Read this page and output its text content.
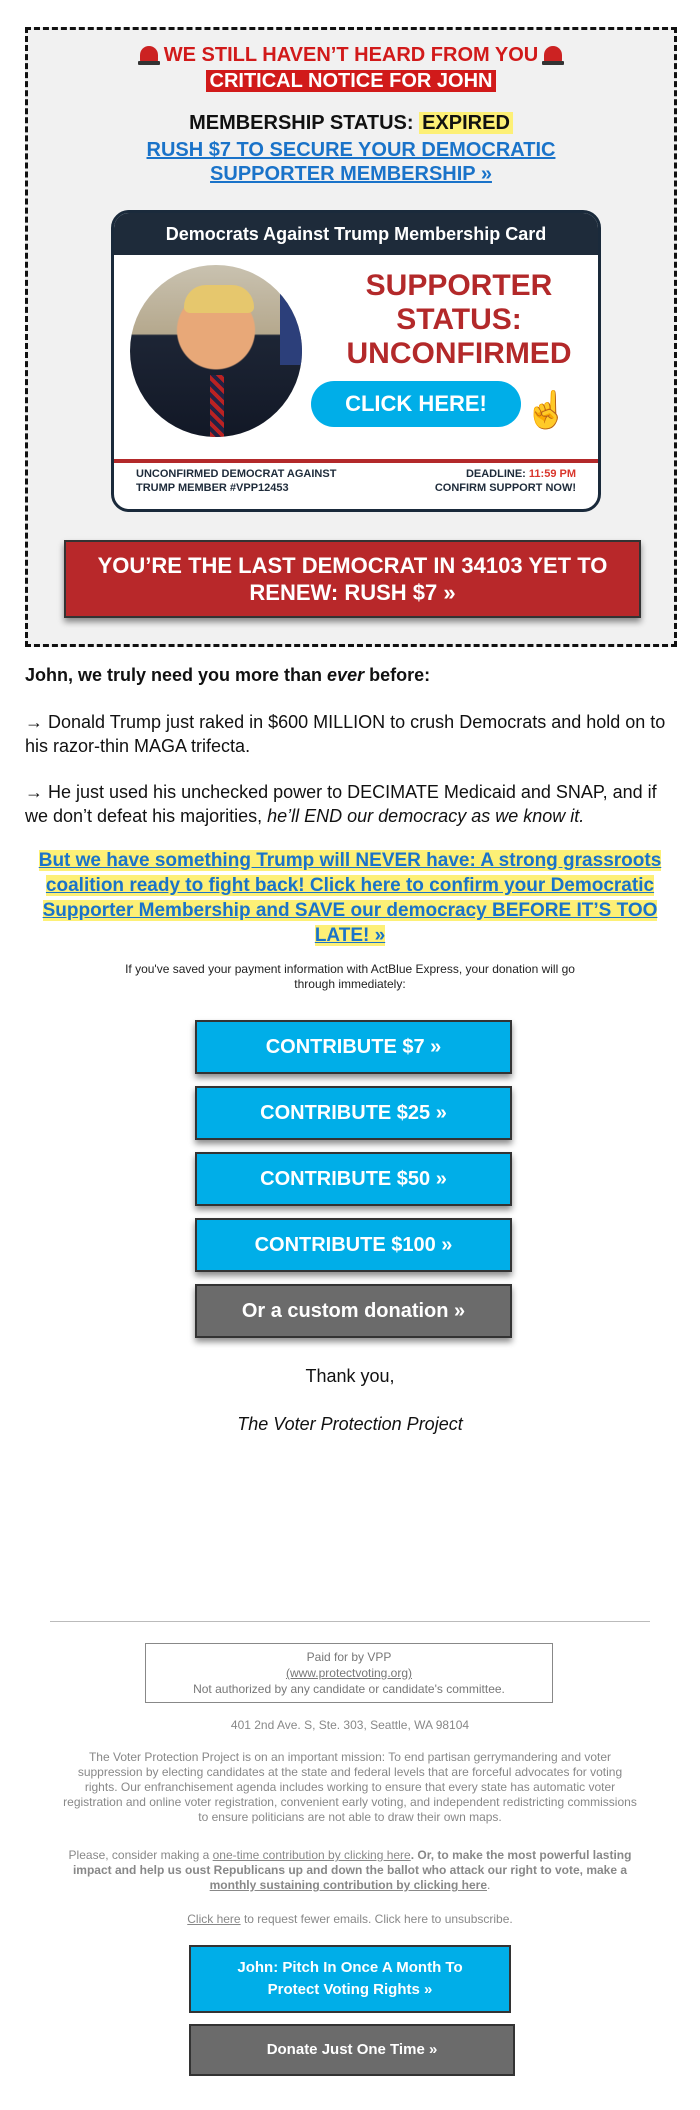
WE STILL HAVEN’T HEARD FROM YOU
CRITICAL NOTICE FOR JOHN
MEMBERSHIP STATUS: EXPIRED
RUSH $7 TO SECURE YOUR DEMOCRATIC SUPPORTER MEMBERSHIP »
Democrats Against Trump Membership Card
SUPPORTER STATUS: UNCONFIRMED
CLICK HERE!	☝
UNCONFIRMED DEMOCRAT AGAINST TRUMP MEMBER #VPP12453
DEADLINE: 11:59 PM
CONFIRM SUPPORT NOW!
YOU’RE THE LAST DEMOCRAT IN 34103 YET TO RENEW: RUSH $7 »
John, we truly need you more than ever before:
→ Donald Trump just raked in $600 MILLION to crush Democrats and hold on to his razor-thin MAGA trifecta.
→ He just used his unchecked power to DECIMATE Medicaid and SNAP, and if we don’t defeat his majorities, he’ll END our democracy as we know it.
But we have something Trump will NEVER have: A strong grassroots coalition ready to fight back! Click here to confirm your Democratic Supporter Membership and SAVE our democracy BEFORE IT’S TOO LATE! »
If you've saved your payment information with ActBlue Express, your donation will go through immediately:
CONTRIBUTE $7 »
CONTRIBUTE $25 »
CONTRIBUTE $50 »
CONTRIBUTE $100 »
Or a custom donation »
Thank you,
The Voter Protection Project
Paid for by VPP
(www.protectvoting.org)
Not authorized by any candidate or candidate's committee.
401 2nd Ave. S, Ste. 303, Seattle, WA 98104
The Voter Protection Project is on an important mission: To end partisan gerrymandering and voter suppression by electing candidates at the state and federal levels that are forceful advocates for voting rights. Our enfranchisement agenda includes working to ensure that every state has automatic voter registration and online voter registration, convenient early voting, and independent redistricting commissions to ensure politicians are not able to draw their own maps.
Please, consider making a one-time contribution by clicking here. Or, to make the most powerful lasting impact and help us oust Republicans up and down the ballot who attack our right to vote, make a monthly sustaining contribution by clicking here.
Click here to request fewer emails. Click here to unsubscribe.
John: Pitch In Once A Month To Protect Voting Rights »
Donate Just One Time »
